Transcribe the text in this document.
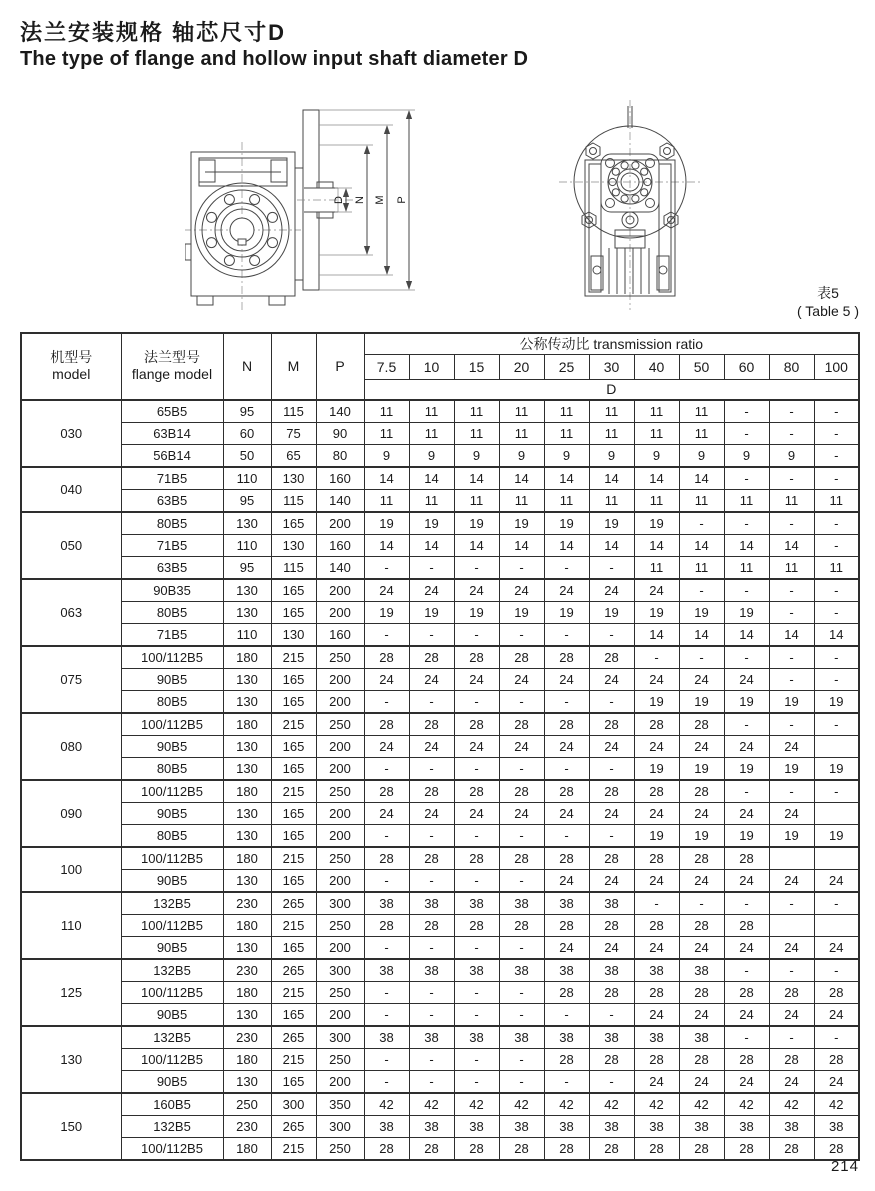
法兰安装规格 轴芯尺寸D
The type of flange and hollow input shaft diameter D
D N M P
表5
( Table 5 )
机型号
model	法兰型号
flange model	N	M	P	公称传动比 transmission ratio										
					7.5	10	15	20	25	30	40	50	60	80	100
					D										
030	65B5	95	115	140	11	11	11	11	11	11	11	11	-	-	-
	63B14	60	75	90	11	11	11	11	11	11	11	11	-	-	-
	56B14	50	65	80	9	9	9	9	9	9	9	9	9	9	-
040	71B5	110	130	160	14	14	14	14	14	14	14	14	-	-	-
	63B5	95	115	140	11	11	11	11	11	11	11	11	11	11	11
050	80B5	130	165	200	19	19	19	19	19	19	19	-	-	-	-
	71B5	110	130	160	14	14	14	14	14	14	14	14	14	14	-
	63B5	95	115	140	-	-	-	-	-	-	11	11	11	11	11
063	90B35	130	165	200	24	24	24	24	24	24	24	-	-	-	-
	80B5	130	165	200	19	19	19	19	19	19	19	19	19	-	-
	71B5	110	130	160	-	-	-	-	-	-	14	14	14	14	14
075	100/112B5	180	215	250	28	28	28	28	28	28	-	-	-	-	-
	90B5	130	165	200	24	24	24	24	24	24	24	24	24	-	-
	80B5	130	165	200	-	-	-	-	-	-	19	19	19	19	19
080	100/112B5	180	215	250	28	28	28	28	28	28	28	28	-	-	-
	90B5	130	165	200	24	24	24	24	24	24	24	24	24	24	
	80B5	130	165	200	-	-	-	-	-	-	19	19	19	19	19
090	100/112B5	180	215	250	28	28	28	28	28	28	28	28	-	-	-
	90B5	130	165	200	24	24	24	24	24	24	24	24	24	24	
	80B5	130	165	200	-	-	-	-	-	-	19	19	19	19	19
100	100/112B5	180	215	250	28	28	28	28	28	28	28	28	28		
	90B5	130	165	200	-	-	-	-	24	24	24	24	24	24	24
110	132B5	230	265	300	38	38	38	38	38	38	-	-	-	-	-
	100/112B5	180	215	250	28	28	28	28	28	28	28	28	28		
	90B5	130	165	200	-	-	-	-	24	24	24	24	24	24	24
125	132B5	230	265	300	38	38	38	38	38	38	38	38	-	-	-
	100/112B5	180	215	250	-	-	-	-	28	28	28	28	28	28	28
	90B5	130	165	200	-	-	-	-	-	-	24	24	24	24	24
130	132B5	230	265	300	38	38	38	38	38	38	38	38	-	-	-
	100/112B5	180	215	250	-	-	-	-	28	28	28	28	28	28	28
	90B5	130	165	200	-	-	-	-	-	-	24	24	24	24	24
150	160B5	250	300	350	42	42	42	42	42	42	42	42	42	42	42
	132B5	230	265	300	38	38	38	38	38	38	38	38	38	38	38
	100/112B5	180	215	250	28	28	28	28	28	28	28	28	28	28	28
214
